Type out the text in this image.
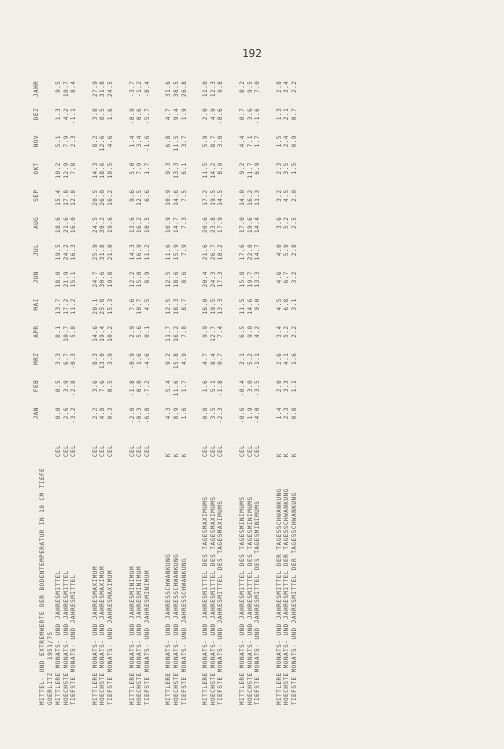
192
MITTEL- UND EXTREMWERTE DER BODENTEMPERATUR IN 10 CM TIEFE GOERLITZ   1951/75
JAN
FEB
MRZ
APR
MAI
JUN
JUL
AUG
SEP
OKT
NOV
DEZ
JAHR
MITTLERE MONATS- UND JAHRESMITTEL
CEL
0.0
0.5
3.3
8.1
13.7
18.0
19.5
18.6
15.4
10.2
5.1
1.3
9.5
HOECHSTE MONATS- UND JAHRESMITTEL
CEL
2.6
3.9
6.7
10.7
17.2
21.9
24.2
21.6
17.8
12.9
7.9
4.2
10.7
TIEFSTE MONATS- UND JAHRESMITTEL
CEL
-3.2
-2.8
-0.3
5.8
11.2
15.1
16.3
16.0
12.8
7.8
2.3
-1.1
8.4
MITTLERE MONATS- UND JAHRESMAXIMUM
CEL
2.2
3.6
8.3
14.6
20.1
24.7
25.9
24.5
20.5
14.3
8.2
3.8
27.9
HOECHSTE MONATS- UND JAHRESMAXIMUM
CEL
4.8
7.6
13.0
19.4
25.8
30.6
31.8
30.2
26.0
18.6
12.6
8.5
31.8
TIEFSTE MONATS- UND JAHRESMAXIMUM
CEL
0.3
0.5
3.9
10.2
15.3
19.8
21.0
19.6
16.2
10.5
4.6
1.6
24.5
MITTLERE MONATS- UND JAHRESMINIMUM
CEL
-2.0
-1.8
-0.9
2.9
7.6
12.2
14.3
13.6
9.6
5.0
1.4
-0.9
-3.7
HOECHSTE MONATS- UND JAHRESMINIMUM
CEL
-0.3
0.0
1.6
5.6
10.7
15.0
16.9
16.2
12.5
7.9
3.4
0.6
-1.2
TIEFSTE MONATS- UND JAHRESMINIMUM
CEL
-6.8
-7.2
-4.6
0.1
4.5
8.9
11.2
10.5
6.6
1.7
-1.6
-5.7
-8.4
MITTLERE MONATS- UND JAHRESSCHWANKUNG
K
4.3
5.4
9.2
11.7
12.5
12.5
11.6
10.9
10.9
9.3
6.8
4.7
31.6
HOECHSTE MONATS- UND JAHRESSCHWANKUNG
K
8.9
11.6
15.8
16.2
18.3
18.6
15.9
14.7
14.6
13.3
11.5
9.4
38.5
TIEFSTE MONATS- UND JAHRESSCHWANKUNG
K
1.6
1.7
4.9
7.8
8.7
8.6
7.9
7.3
7.5
6.1
3.7
1.9
26.8
MITTLERE MONATS- UND JAHRESMITTEL DES TAGESMAXIMUMS
CEL
0.8
1.6
4.7
9.9
16.0
20.4
21.6
20.6
17.2
11.5
5.9
2.0
11.0
HOECHSTE MONATS- UND JAHRESMITTEL DES TAGESMAXIMUMS
CEL
3.5
5.1
8.4
12.7
19.5
24.3
26.7
23.8
19.5
14.2
8.7
4.9
12.3
TIEFSTE MONATS- UND JAHRESMITTEL DES TAGESMAXIMUMS
CEL
-2.3
-1.8
0.7
7.4
13.3
17.3
18.2
17.9
14.5
8.9
3.0
-0.6
9.8
MITTLERE MONATS- UND JAHRESMITTEL DES TAGESMINIMUMS
CEL
-0.6
-0.4
2.1
6.5
11.5
15.8
17.6
17.0
14.0
9.2
4.4
0.7
8.2
HOECHSTE MONATS- UND JAHRESMITTEL DES TAGESMINIMUMS
CEL
1.9
3.0
5.2
9.0
14.6
19.7
22.0
19.6
16.2
11.7
7.1
3.6
9.5
TIEFSTE MONATS- UND JAHRESMITTEL DES TAGESMINIMUMS
CEL
-4.0
-3.5
-1.1
4.2
9.0
13.3
14.7
14.4
11.3
6.9
1.7
-1.6
7.0
MITTLERE MONATS- UND JAHRESMITTEL DER TAGESSCHWANKUNG
K
1.4
2.0
2.6
3.4
4.5
4.6
4.0
3.6
3.2
2.3
1.5
1.3
2.8
HOECHSTE MONATS- UND JAHRESMITTEL DER TAGESSCHWANKUNG
K
2.3
3.3
4.1
5.2
6.8
6.7
5.9
5.2
4.5
3.5
2.4
2.1
3.4
TIEFSTE MONATS- UND JAHRESMITTEL DER TAGESSCHWANKUNG
K
0.8
1.1
1.6
2.2
3.1
3.2
2.8
2.5
2.0
1.5
0.9
0.7
2.2
